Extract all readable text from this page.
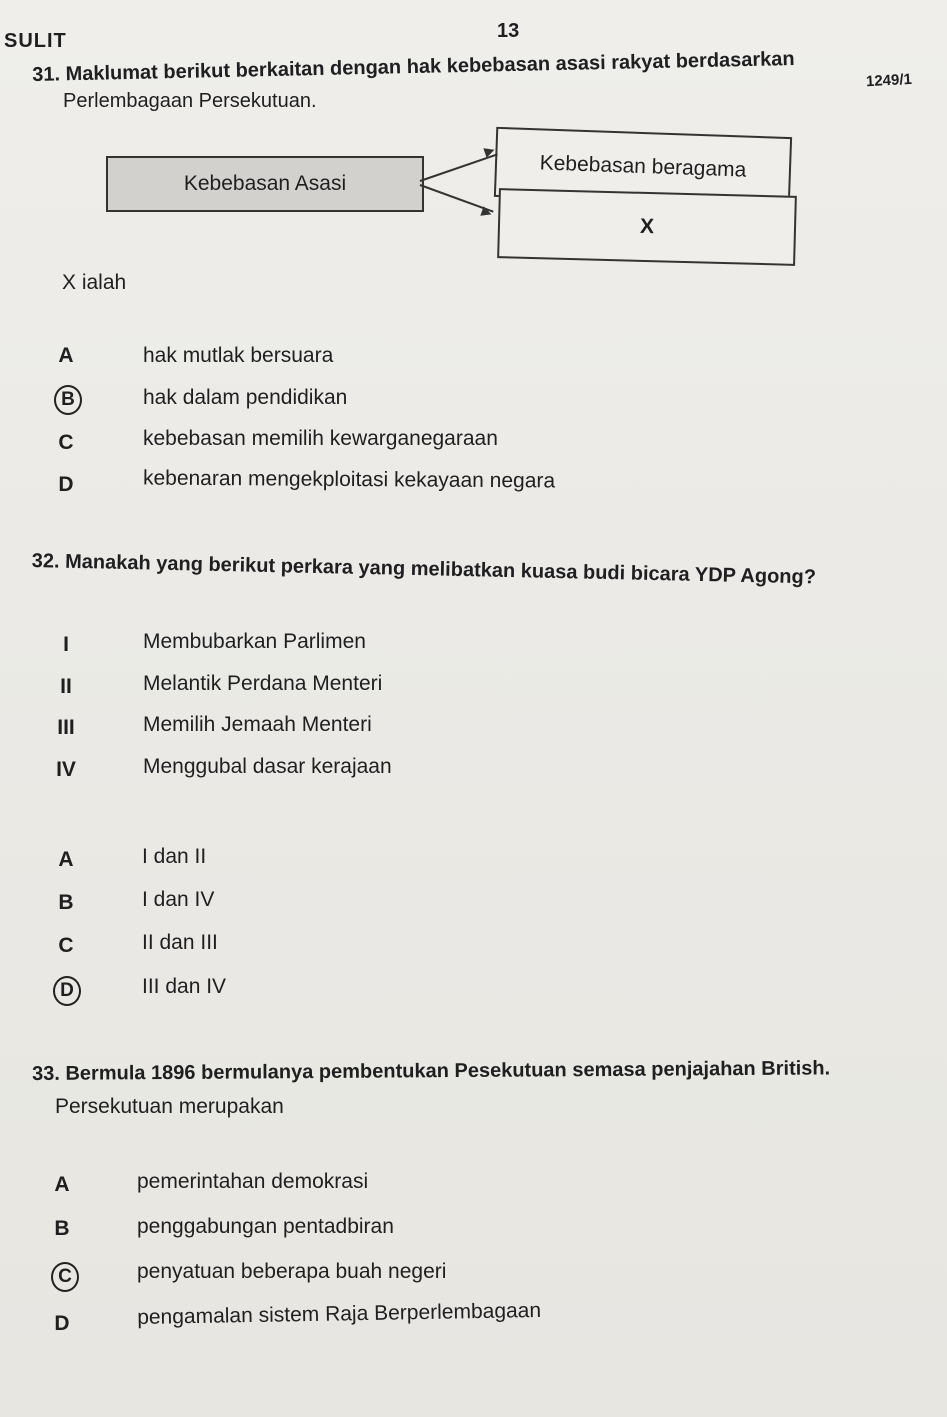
SULIT	13
1249/1
31. Maklumat berikut berkaitan dengan hak kebebasan asasi rakyat berdasarkan
Perlembagaan Persekutuan.
Kebebasan Asasi
Kebebasan beragama
X
X ialah
A	hak mutlak bersuara
B	hak dalam pendidikan
C	kebebasan memilih kewarganegaraan
D	kebenaran mengekploitasi kekayaan negara
32. Manakah yang berikut perkara yang melibatkan kuasa budi bicara YDP Agong?
I	Membubarkan Parlimen
II	Melantik Perdana Menteri
III	Memilih Jemaah Menteri
IV	Menggubal dasar kerajaan
A	I dan II
B	I dan IV
C	II dan III
D	III dan IV
33. Bermula 1896 bermulanya pembentukan Pesekutuan semasa penjajahan British.
Persekutuan merupakan
A	pemerintahan demokrasi
B	penggabungan pentadbiran
C	penyatuan beberapa buah negeri
D	pengamalan sistem Raja Berperlembagaan
